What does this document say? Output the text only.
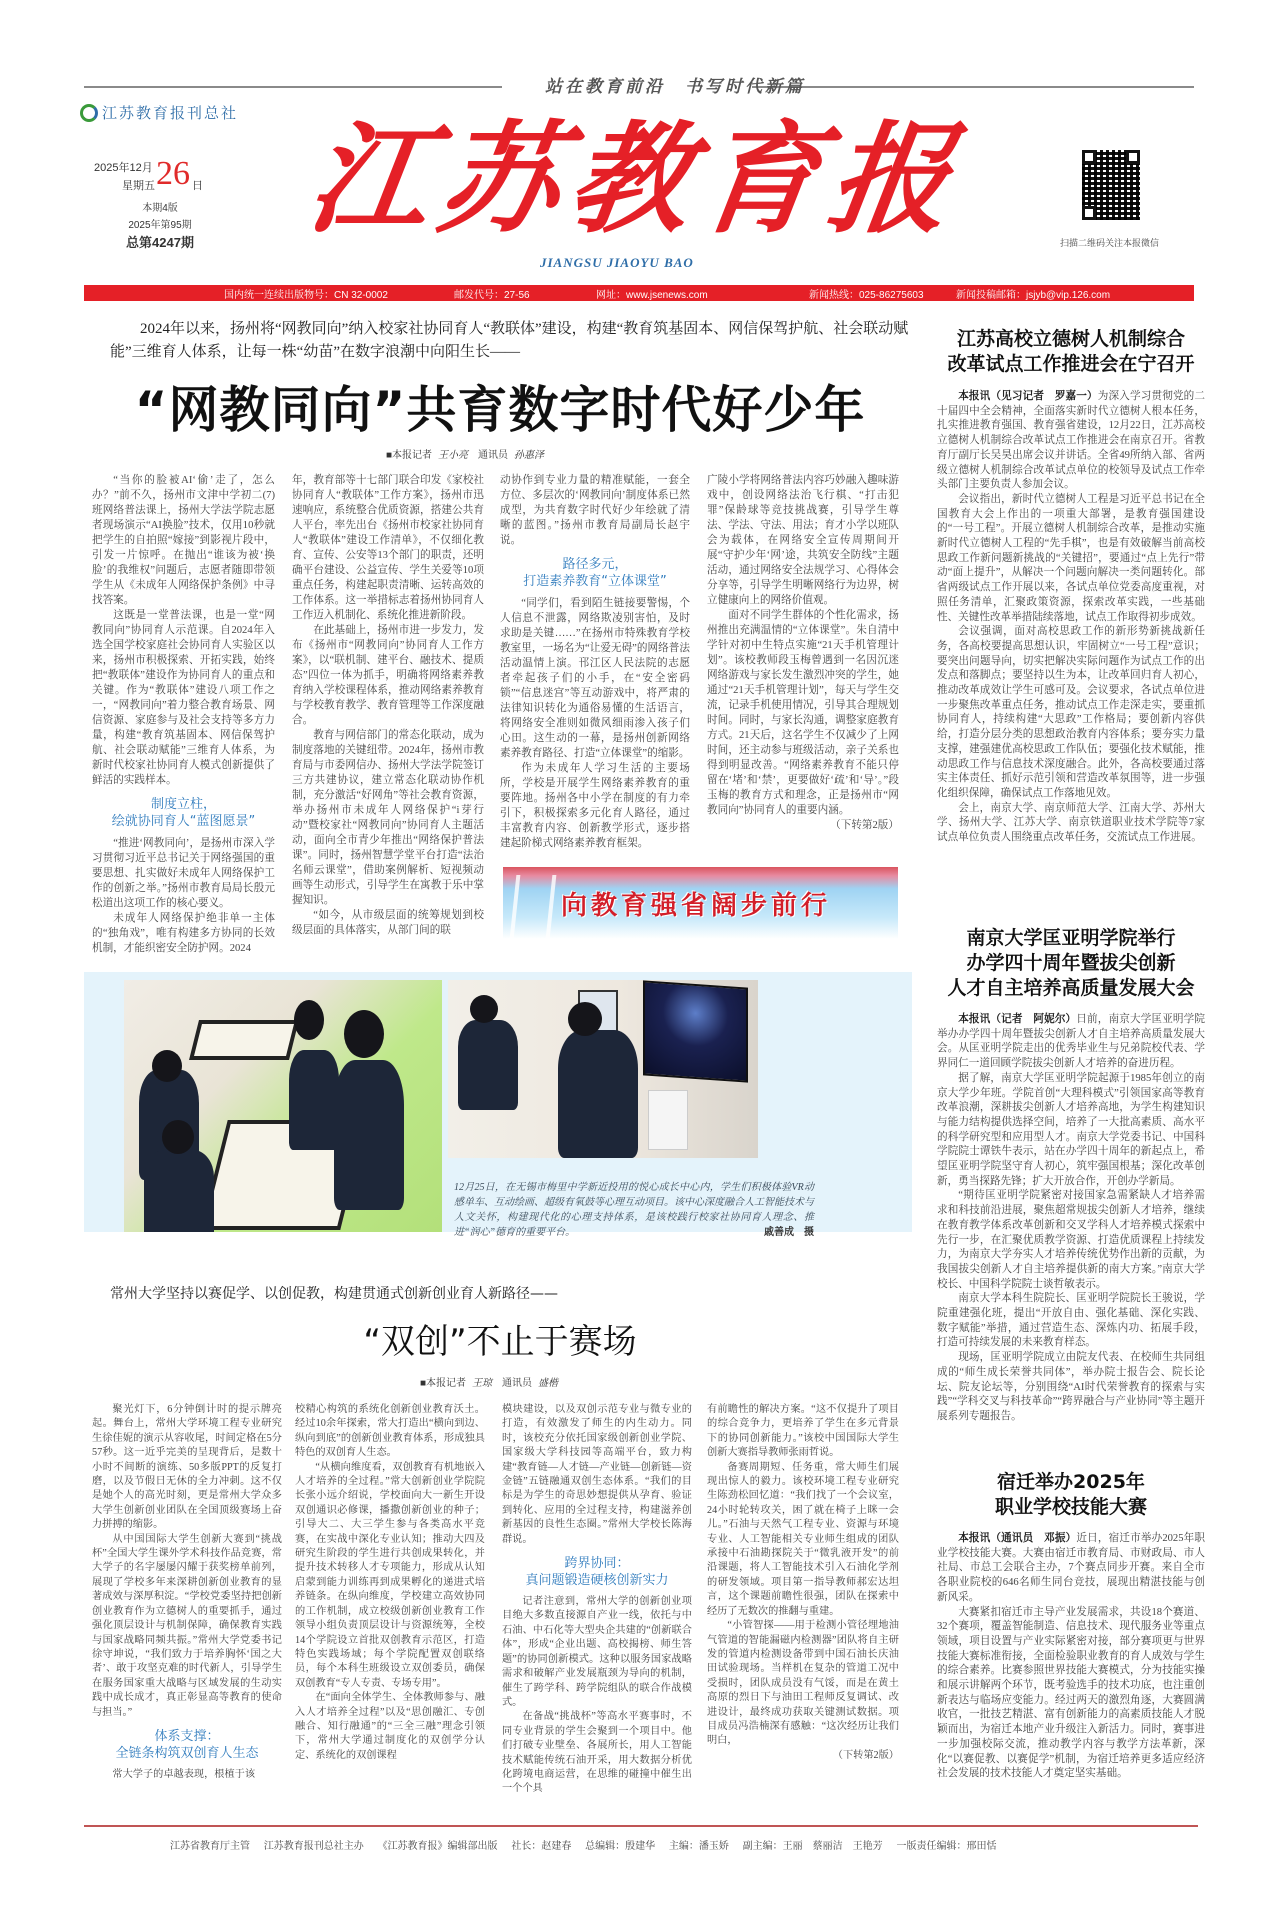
站在教育前沿　书写时代新篇
江苏教育报刊总社
2025年12月
星期五 26 日
本期4版
2025年第95期
总第4247期 江苏教育报
JIANGSU JIAOYU BAO
扫描二维码关注本报微信
国内统一连续出版物号：CN 32-0002	邮发代号：27-56	网址：www.jsenews.com	新闻热线：025-86275603	新闻投稿邮箱：jsjyb@vip.126.com
2024年以来，扬州将“网教同向”纳入校家社协同育人“教联体”建设，构建“教育筑基固本、网信保驾护航、社会联动赋能”三维育人体系，让每一株“幼苗”在数字浪潮中向阳生长——
“网教同向”共育数字时代好少年
■本报记者 王小亮 通讯员 孙惠泽

“当你的脸被AI‘偷’走了，怎么办？”前不久，扬州市文津中学初二(7)班网络普法课上，扬州大学法学院志愿者现场演示“AI换脸”技术，仅用10秒就把学生的自拍照“嫁接”到影视片段中，引发一片惊呼。在抛出“谁该为被‘换脸’的我维权”问题后，志愿者随即带领学生从《未成年人网络保护条例》中寻找答案。

这既是一堂普法课，也是一堂“网教同向”协同育人示范课。自2024年入选全国学校家庭社会协同育人实验区以来，扬州市积极探索、开拓实践，始终把“教联体”建设作为协同育人的重点和关键。作为“教联体”建设八项工作之一，“网教同向”着力整合教育场景、网信资源、家庭参与及社会支持等多方力量，构建“教育筑基固本、网信保驾护航、社会联动赋能”三维育人体系，为新时代校家社协同育人模式创新提供了鲜活的实践样本。

制度立柱，
绘就协同育人“蓝图愿景”

“推进‘网教同向’，是扬州市深入学习贯彻习近平总书记关于网络强国的重要思想、扎实做好未成年人网络保护工作的创新之举。”扬州市教育局局长殷元松道出这项工作的核心要义。

未成年人网络保护绝非单一主体的“独角戏”，唯有构建多方协同的长效机制，才能织密安全防护网。2024

年，教育部等十七部门联合印发《家校社协同育人“教联体”工作方案》，扬州市迅速响应，系统整合优质资源，搭建公共育人平台，率先出台《扬州市校家社协同育人“教联体”建设工作清单》，不仅细化教育、宣传、公安等13个部门的职责，还明确平台建设、公益宣传、学生关爱等10项重点任务，构建起职责清晰、运转高效的工作体系。这一举措标志着扬州协同育人工作迈入机制化、系统化推进新阶段。

在此基础上，扬州市进一步发力，发布《扬州市“网教同向”协同育人工作方案》，以“联机制、建平台、融技术、提质态”四位一体为抓手，明确将网络素养教育纳入学校课程体系，推动网络素养教育与学校教育教学、教育管理等工作深度融合。

教育与网信部门的常态化联动，成为制度落地的关键纽带。2024年，扬州市教育局与市委网信办、扬州大学法学院签订三方共建协议，建立常态化联动协作机制，充分激活“好网角”等社会教育资源，举办扬州市未成年人网络保护“i芽行动”暨校家社“网教同向”协同育人主题活动，面向全市青少年推出“网络保护普法课”。同时，扬州智慧学堂平台打造“法治名师云课堂”，借助案例解析、短视频动画等生动形式，引导学生在寓教于乐中掌握知识。

“如今，从市级层面的统筹规划到校级层面的具体落实，从部门间的联

动协作到专业力量的精准赋能，一套全方位、多层次的‘网教同向’制度体系已然成型，为共育数字时代好少年绘就了清晰的蓝图。”扬州市教育局副局长赵宇说。

路径多元，
打造素养教育“立体课堂”

“同学们，看到陌生链接要警惕，个人信息不泄露，网络欺凌别害怕，及时求助是关键……”在扬州市特殊教育学校教室里，一场名为“让爱无碍”的网络普法活动温情上演。邗江区人民法院的志愿者牵起孩子们的小手，在“安全密码锁”“信息迷宫”等互动游戏中，将严肃的法律知识转化为通俗易懂的生活语言，将网络安全准则如微风细雨渗入孩子们心田。这生动的一幕，是扬州创新网络素养教育路径、打造“立体课堂”的缩影。

作为未成年人学习生活的主要场所，学校是开展学生网络素养教育的重要阵地。扬州各中小学在制度的有力牵引下，积极探索多元化育人路径，通过丰富教育内容、创新教学形式，逐步搭建起阶梯式网络素养教育框架。

广陵小学将网络普法内容巧妙融入趣味游戏中，创设网络法治飞行棋、“打击犯罪”保龄球等竞技挑战赛，引导学生尊法、学法、守法、用法；育才小学以班队会为载体，在网络安全宣传周期间开展“守护少年‘网’途，共筑安全防线”主题活动，通过网络安全法规学习、心得体会分享等，引导学生明晰网络行为边界，树立健康向上的网络价值观。

面对不同学生群体的个性化需求，扬州推出充满温情的“立体课堂”。朱自清中学针对初中生特点实施“21天手机管理计划”。该校教师段玉梅曾遇到一名因沉迷网络游戏与家长发生激烈冲突的学生，她通过“21天手机管理计划”，每天与学生交流，记录手机使用情况，引导其合理规划时间。同时，与家长沟通，调整家庭教育方式。21天后，这名学生不仅减少了上网时间，还主动参与班级活动，亲子关系也得到明显改善。“网络素养教育不能只停留在‘堵’和‘禁’，更要做好‘疏’和‘导’。”段玉梅的教育方式和理念，正是扬州市“网教同向”协同育人的重要内涵。

（下转第2版）

向教育强省阔步前行
12月25日，在无锡市梅里中学新近投用的悦心成长中心内，学生们积极体验VR动感单车、互动绘画、超级有氧鼓等心理互动项目。该中心深度融合人工智能技术与人文关怀，构建现代化的心理支持体系，是该校践行校家社协同育人理念、推进“润心”德育的重要平台。	戚善成　摄
常州大学坚持以赛促学、以创促教，构建贯通式创新创业育人新路径——
“双创”不止于赛场
■本报记者 王琼 通讯员 盛楷

聚光灯下，6分钟倒计时的提示牌亮起。舞台上，常州大学环境工程专业研究生徐佳妮的演示从容收尾，时间定格在5分57秒。这一近乎完美的呈现背后，是数十小时不间断的演练、50多版PPT的反复打磨，以及节假日无休的全力冲刺。这不仅是她个人的高光时刻，更是常州大学众多大学生创新创业团队在全国顶级赛场上奋力拼搏的缩影。

从中国国际大学生创新大赛到“挑战杯”全国大学生课外学术科技作品竞赛，常大学子的名字屡屡闪耀于获奖榜单前列，展现了学校多年来深耕创新创业教育的显著成效与深厚积淀。“学校党委坚持把创新创业教育作为立德树人的重要抓手，通过强化顶层设计与机制保障，确保教育实践与国家战略同频共振。”常州大学党委书记徐守坤说，“我们致力于培养胸怀‘国之大者’、敢于攻坚克难的时代新人，引导学生在服务国家重大战略与区域发展的生动实践中成长成才，真正彰显高等教育的使命与担当。”

体系支撑：
全链条构筑双创育人生态

常大学子的卓越表现，根植于该

校精心构筑的系统化创新创业教育沃土。经过10余年探索，常大打造出“横向到边、纵向到底”的创新创业教育体系，形成独具特色的双创育人生态。

“从横向维度看，双创教育有机地嵌入人才培养的全过程。”常大创新创业学院院长张小远介绍说，学校面向大一新生开设双创通识必修课，播撒创新创业的种子；引导大二、大三学生参与各类高水平竞赛，在实战中深化专业认知；推动大四及研究生阶段的学生进行共创成果转化，并提升技术转移人才专项能力，形成从认知启蒙到能力训练再到成果孵化的递进式培养链条。在纵向维度，学校建立高效协同的工作机制，成立校级创新创业教育工作领导小组负责顶层设计与资源统筹，全校14个学院设立首批双创教育示范区，打造特色实践场域；每个学院配置双创联络员，每个本科生班级设立双创委员，确保双创教育“专人专责、专场专用”。

在“面向全体学生、全体教师参与、融入人才培养全过程”以及“思创融汇、专创融合、知行融通”的“三全三融”理念引领下，常州大学通过制度化的双创学分认定、系统化的双创课程

模块建设，以及双创示范专业与微专业的打造，有效激发了师生的内生动力。同时，该校充分依托国家级创新创业学院、国家级大学科技园等高端平台，致力构建“教育链—人才链—产业链—创新链—资金链”五链融通双创生态体系。“我们的目标是为学生的奇思妙想提供从孕育、验证到转化、应用的全过程支持，构建滋养创新基因的良性生态圈。”常州大学校长陈海群说。

跨界协同：
真问题锻造硬核创新实力

记者注意到，常州大学的创新创业项目绝大多数直接源自产业一线，依托与中石油、中石化等大型央企共建的“创新联合体”，形成“企业出题、高校揭榜、师生答题”的协同创新模式。这种以服务国家战略需求和破解产业发展瓶颈为导向的机制，催生了跨学科、跨学院组队的联合作战模式。

在备战“挑战杯”等高水平赛事时，不同专业背景的学生会聚到一个项目中。他们打破专业壁垒、各展所长，用人工智能技术赋能传统石油开采，用大数据分析优化跨境电商运营，在思维的碰撞中催生出一个个具

有前瞻性的解决方案。“这不仅提升了项目的综合竞争力，更培养了学生在多元背景下的协同创新能力。”该校中国国际大学生创新大赛指导教师张雨哲说。

备赛周期短、任务重，常大师生们展现出惊人的毅力。该校环境工程专业研究生陈劲松回忆道：“我们找了一个会议室，24小时轮转攻关，困了就在椅子上眯一会儿。”石油与天然气工程专业、资源与环境专业、人工智能相关专业师生组成的团队承接中石油勘探院关于“微乳液开发”的前沿课题，将人工智能技术引入石油化学剂的研发领域。项目第一指导教师郝宏达坦言，这个课题前瞻性很强，团队在探索中经历了无数次的推翻与重建。

“小管智探——用于检测小管径埋地油气管道的智能漏磁内检测器”团队将自主研发的管道内检测设备带到中国石油长庆油田试验现场。当样机在复杂的管道工况中受损时，团队成员没有气馁，而是在黄土高原的烈日下与油田工程师反复调试、改进设计，最终成功获取关键测试数据。项目成员冯浩楠深有感触：“这次经历让我们明白，

（下转第2版）

江苏高校立德树人机制综合
改革试点工作推进会在宁召开

本报讯（见习记者　罗嘉一）为深入学习贯彻党的二十届四中全会精神，全面落实新时代立德树人根本任务，扎实推进教育强国、教育强省建设，12月22日，江苏高校立德树人机制综合改革试点工作推进会在南京召开。省教育厅副厅长吴昊出席会议并讲话。全省49所纳入部、省两级立德树人机制综合改革试点单位的校领导及试点工作牵头部门主要负责人参加会议。

会议指出，新时代立德树人工程是习近平总书记在全国教育大会上作出的一项重大部署，是教育强国建设的“一号工程”。开展立德树人机制综合改革，是推动实施新时代立德树人工程的“先手棋”，也是有效破解当前高校思政工作新问题新挑战的“关键招”，要通过“点上先行”带动“面上提升”，从解决一个问题向解决一类问题转化。部省两级试点工作开展以来，各试点单位党委高度重视，对照任务清单，汇聚政策资源，探索改革实践，一些基础性、关键性改革举措陆续落地，试点工作取得初步成效。

会议强调，面对高校思政工作的新形势新挑战新任务，各高校要提高思想认识，牢固树立“一号工程”意识；要突出问题导向，切实把解决实际问题作为试点工作的出发点和落脚点；要坚持以生为本，让改革回归育人初心，推动改革成效让学生可感可及。会议要求，各试点单位进一步聚焦改革重点任务，推动试点工作走深走实，要重抓协同育人，持续构建“大思政”工作格局；要创新内容供给，打造分层分类的思想政治教育内容体系；要夯实力量支撑，建强建优高校思政工作队伍；要强化技术赋能，推动思政工作与信息技术深度融合。此外，各高校要通过落实主体责任、抓好示范引领和营造改革氛围等，进一步强化组织保障，确保试点工作落地见效。

会上，南京大学、南京师范大学、江南大学、苏州大学、扬州大学、江苏大学、南京铁道职业技术学院等7家试点单位负责人围绕重点改革任务，交流试点工作进展。

南京大学匡亚明学院举行
办学四十周年暨拔尖创新
人才自主培养高质量发展大会

本报讯（记者　阿妮尔）日前，南京大学匡亚明学院举办办学四十周年暨拔尖创新人才自主培养高质量发展大会。从匡亚明学院走出的优秀毕业生与兄弟院校代表、学界同仁一道回顾学院拔尖创新人才培养的奋进历程。

据了解，南京大学匡亚明学院起源于1985年创立的南京大学少年班。学院首创“大理科模式”引领国家高等教育改革浪潮，深耕拔尖创新人才培养高地，为学生构建知识与能力结构提供选择空间，培养了一大批高素质、高水平的科学研究型和应用型人才。南京大学党委书记、中国科学院院士谭铁牛表示，站在办学四十周年的新起点上，希望匡亚明学院坚守育人初心，筑牢强国根基；深化改革创新，勇当探路先锋；扩大开放合作，开创办学新局。

“期待匡亚明学院紧密对接国家急需紧缺人才培养需求和科技前沿进展，聚焦超常规拔尖创新人才培养，继续在教育教学体系改革创新和交叉学科人才培养模式探索中先行一步，在汇聚优质教学资源、打造优质课程上持续发力，为南京大学夯实人才培养传统优势作出新的贡献，为我国拔尖创新人才自主培养提供新的南大方案。”南京大学校长、中国科学院院士谈哲敏表示。

南京大学本科生院院长、匡亚明学院院长王骏说，学院重建强化班，提出“开放自由、强化基础、深化实践、数字赋能”举措，通过营造生态、深炼内功、拓展手段，打造可持续发展的未来教育样态。

现场，匡亚明学院成立由院友代表、在校师生共同组成的“师生成长荣誉共同体”，举办院士报告会、院长论坛、院友论坛等，分别围绕“AI时代荣誉教育的探索与实践”“学科交叉与科技革命”“跨界融合与产业协同”等主题开展系列专题报告。

宿迁举办2025年
职业学校技能大赛

本报讯（通讯员　邓振）近日，宿迁市举办2025年职业学校技能大赛。大赛由宿迁市教育局、市财政局、市人社局、市总工会联合主办，7个赛点同步开赛。来自全市各职业院校的646名师生同台竞技，展现出精湛技能与创新风采。

大赛紧扣宿迁市主导产业发展需求，共设18个赛道、32个赛项，覆盖智能制造、信息技术、现代服务业等重点领域，项目设置与产业实际紧密对接，部分赛项更与世界技能大赛标准衔接，全面检验职业教育的育人成效与学生的综合素养。比赛参照世界技能大赛模式，分为技能实操和展示讲解两个环节，既考验选手的技术功底，也注重创新表达与临场应变能力。经过两天的激烈角逐，大赛圆满收官，一批技艺精湛、富有创新能力的高素质技能人才脱颖而出，为宿迁本地产业升级注入新活力。同时，赛事进一步加强校际交流，推动教学内容与教学方法革新，深化“以赛促教、以赛促学”机制，为宿迁培养更多适应经济社会发展的技术技能人才奠定坚实基础。

江苏省教育厅主管 江苏教育报刊总社主办 《江苏教育报》编辑部出版 社长：赵建春 总编辑：殷建华 主编：潘玉娇 副主编：王丽　蔡丽洁　王艳芳 一版责任编辑：邢田恬
